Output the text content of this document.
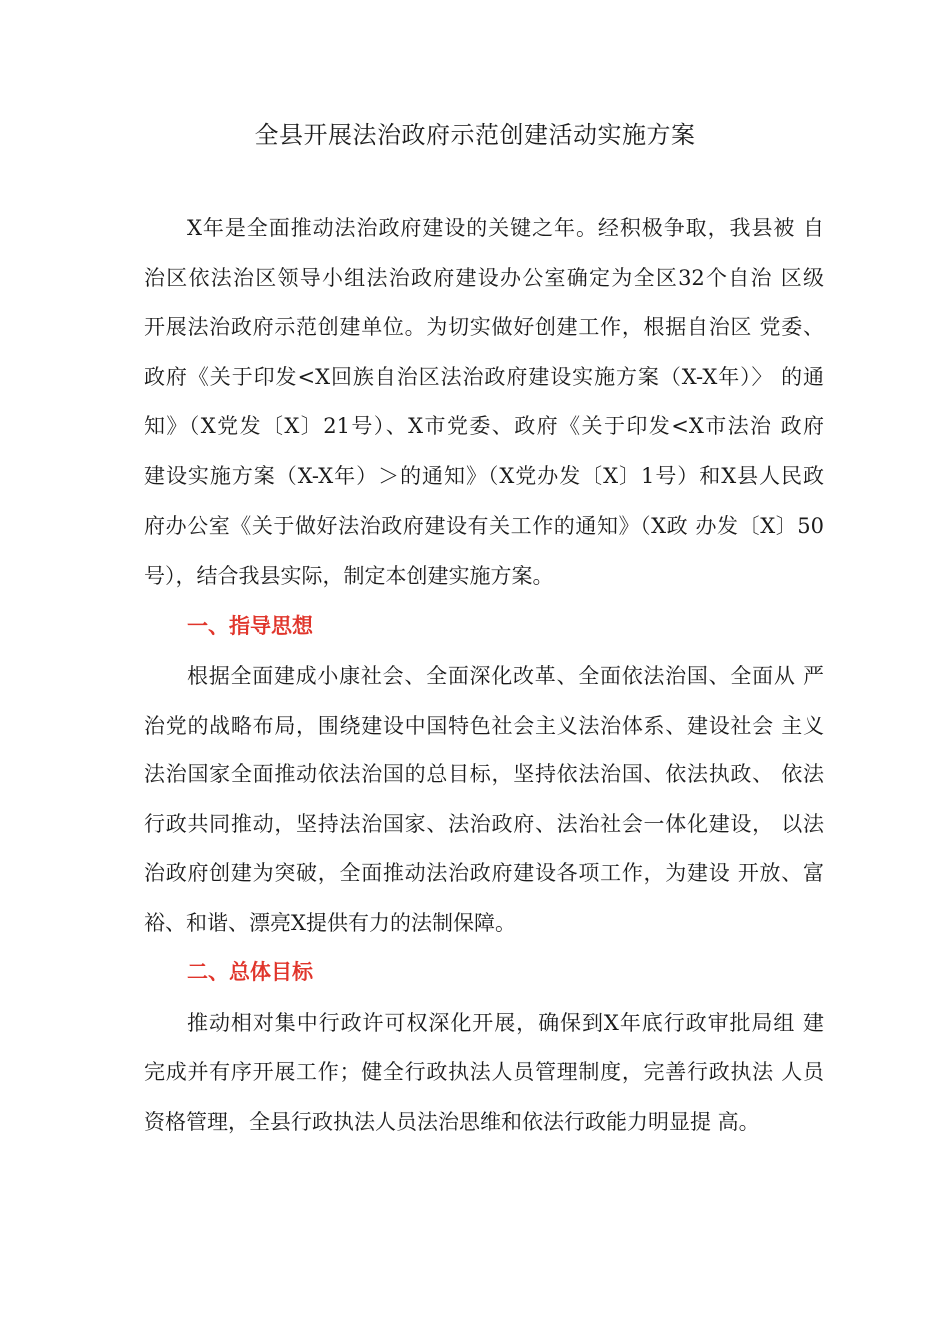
全县开展法治政府示范创建活动实施方案

X年是全面推动法治政府建设的关键之年。经积极争取，我县被 自

治区依法治区领导小组法治政府建设办公室确定为全区32个自治 区级

开展法治政府示范创建单位。为切实做好创建工作，根据自治区 党委、

政府《关于印发<X回族自治区法治政府建设实施方案（X-X年）〉 的通

知》（X党发〔X〕21号）、X市党委、政府《关于印发<X市法治 政府

建设实施方案（X-X年）＞的通知》（X党办发〔X〕1号）和X县人民政

府办公室《关于做好法治政府建设有关工作的通知》（X政 办发〔X〕50

号），结合我县实际，制定本创建实施方案。

一、指导思想

根据全面建成小康社会、全面深化改革、全面依法治国、全面从 严

治党的战略布局，围绕建设中国特色社会主义法治体系、建设社会 主义

法治国家全面推动依法治国的总目标，坚持依法治国、依法执政、 依法

行政共同推动，坚持法治国家、法治政府、法治社会一体化建设， 以法

治政府创建为突破，全面推动法治政府建设各项工作，为建设 开放、富

裕、和谐、漂亮X提供有力的法制保障。

二、总体目标

推动相对集中行政许可权深化开展，确保到X年底行政审批局组 建

完成并有序开展工作；健全行政执法人员管理制度，完善行政执法 人员

资格管理，全县行政执法人员法治思维和依法行政能力明显提 高。
